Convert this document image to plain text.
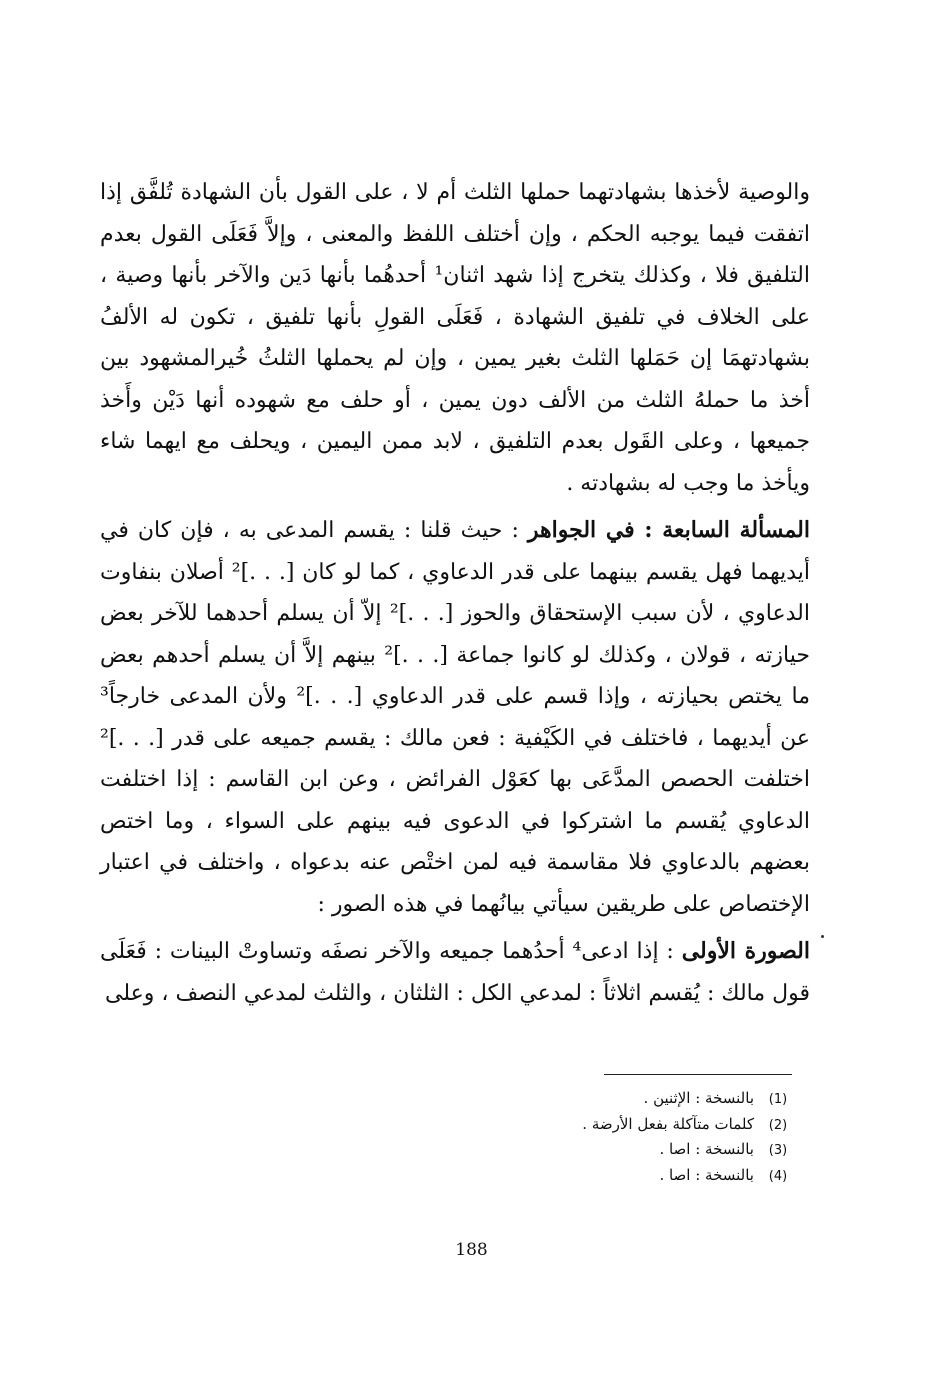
والوصية لأخذها بشهادتهما حملها الثلث أم لا ، على القول بأن الشهادة تُلفَّق إذا اتفقت فيما يوجبه الحكم ، وإن أختلف اللفظ والمعنى ، وإلاَّ فَعَلَى القول بعدم التلفيق فلا ، وكذلك يتخرج إذا شهد اثنان¹ أحدهُما بأنها دَين والآخر بأنها وصية ، على الخلاف في تلفيق الشهادة ، فَعَلَى القولِ بأنها تلفيق ، تكون له الألفُ بشهادتهمَا إن حَمَلها الثلث بغير يمين ، وإن لم يحملها الثلثُ خُيرالمشهود بين أخذ ما حملهُ الثلث من الألف دون يمين ، أو حلف مع شهوده أنها دَيْن وأَخذ جميعها ، وعلى القَول بعدم التلفيق ، لابد ممن اليمين ، ويحلف مع ايهما شاء ويأخذ ما وجب له بشهادته .

المسألة السابعة : في الجواهر : حيث قلنا : يقسم المدعى به ، فإن كان في أيديهما فهل يقسم بينهما على قدر الدعاوي ، كما لو كان [. . .]² أصلان بنفاوت الدعاوي ، لأن سبب الإستحقاق والحوز [. . .]² إلاّ أن يسلم أحدهما للآخر بعض حيازته ، قولان ، وكذلك لو كانوا جماعة [. . .]² بينهم إلاَّ أن يسلم أحدهم بعض ما يختص بحيازته ، وإذا قسم على قدر الدعاوي [. . .]² ولأن المدعى خارجاً³ عن أيديهما ، فاختلف في الكَيْفية : فعن مالك : يقسم جميعه على قدر [. . .]² اختلفت الحصص المدَّعَى بها كعَوْل الفرائض ، وعن ابن القاسم : إذا اختلفت الدعاوي يُقسم ما اشتركوا في الدعوى فيه بينهم على السواء ، وما اختص بعضهم بالدعاوي فلا مقاسمة فيه لمن اختْص عنه بدعواه ، واختلف في اعتبار الإختصاص على طريقين سيأتي بيانُهما في هذه الصور :

الصورة الأولى : إذا ادعى⁴ أحدُهما جميعه والآخر نصفَه وتساوتْ البينات : فَعَلَى قول مالك : يُقسم اثلاثاً : لمدعي الكل : الثلثان ، والثلث لمدعي النصف ، وعلى

(1)بالنسخة : الإثنين .
(2)كلمات متآكلة بفعل الأرضة .
(3)بالنسخة : اصا .
(4)بالنسخة : اصا .
188
